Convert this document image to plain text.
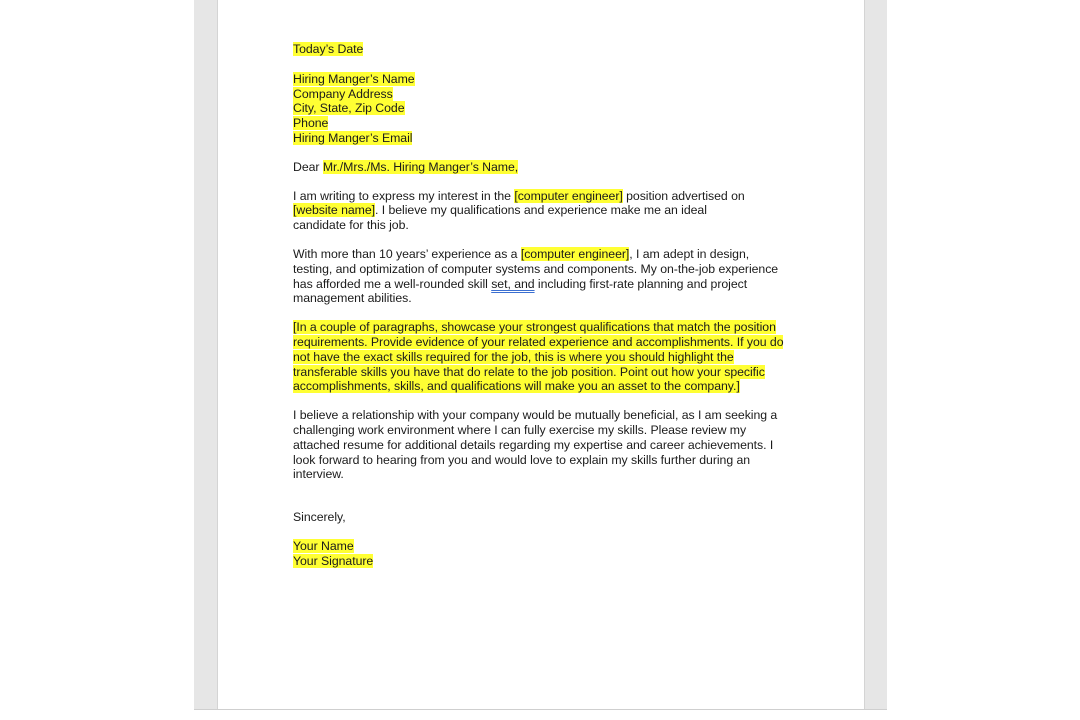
Today’s Date

Hiring Manger’s Name

Company Address

City, State, Zip Code

Phone

Hiring Manger’s Email

Dear Mr./Mrs./Ms. Hiring Manger’s Name,

I am writing to express my interest in the [computer engineer] position advertised on [website name]. I believe my qualifications and experience make me an ideal candidate for this job.

With more than 10 years’ experience as a [computer engineer], I am adept in design, testing, and optimization of computer systems and components. My on-the-job experience has afforded me a well-rounded skill set, and including first-rate planning and project management abilities.

[In a couple of paragraphs, showcase your strongest qualifications that match the position requirements. Provide evidence of your related experience and accomplishments. If you do not have the exact skills required for the job, this is where you should highlight the transferable skills you have that do relate to the job position. Point out how your specific accomplishments, skills, and qualifications will make you an asset to the company.]

I believe a relationship with your company would be mutually beneficial, as I am seeking a challenging work environment where I can fully exercise my skills. Please review my attached resume for additional details regarding my expertise and career achievements. I look forward to hearing from you and would love to explain my skills further during an interview.

Sincerely,

Your Name

Your Signature
